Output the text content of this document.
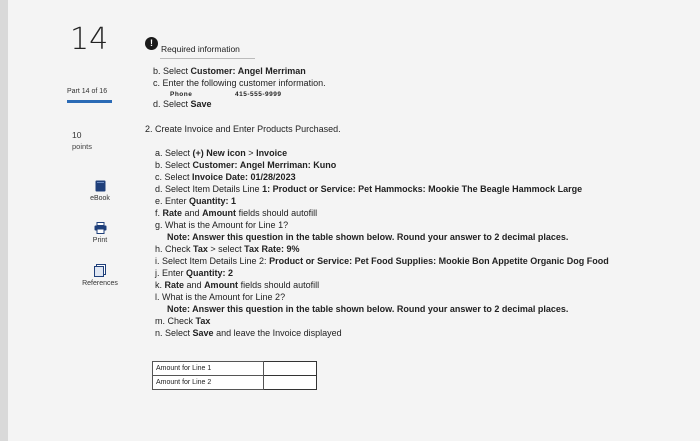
14
Part 14 of 16
10
points
eBook
Print
References
!
Required information
b. Select Customer: Angel Merriman
c. Enter the following customer information.
Phone	415-555-9999
d. Select Save
2. Create Invoice and Enter Products Purchased.
a. Select (+) New icon > Invoice
b. Select Customer: Angel Merriman: Kuno
c. Select Invoice Date: 01/28/2023
d. Select Item Details Line 1: Product or Service: Pet Hammocks: Mookie The Beagle Hammock Large
e. Enter Quantity: 1
f. Rate and Amount fields should autofill
g. What is the Amount for Line 1?
Note: Answer this question in the table shown below. Round your answer to 2 decimal places.
h. Check Tax > select Tax Rate: 9%
i. Select Item Details Line 2: Product or Service: Pet Food Supplies: Mookie Bon Appetite Organic Dog Food
j. Enter Quantity: 2
k. Rate and Amount fields should autofill
l. What is the Amount for Line 2?
Note: Answer this question in the table shown below. Round your answer to 2 decimal places.
m. Check Tax
n. Select Save and leave the Invoice displayed
Amount for Line 1	
Amount for Line 2	
